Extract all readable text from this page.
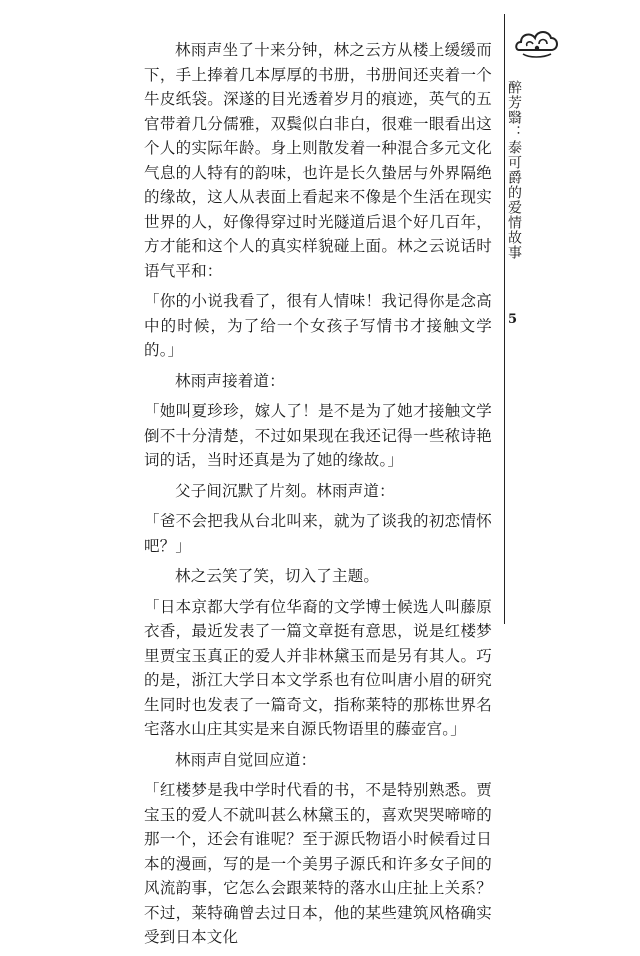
林雨声坐了十来分钟，林之云方从楼上缓缓而下，手上捧着几本厚厚的书册，书册间还夹着一个牛皮纸袋。深遂的目光透着岁月的痕迹，英气的五官带着几分儒雅，双鬓似白非白，很难一眼看出这个人的实际年龄。身上则散发着一种混合多元文化气息的人特有的韵味，也许是长久蛰居与外界隔绝的缘故，这人从表面上看起来不像是个生活在现实世界的人，好像得穿过时光隧道后退个好几百年，方才能和这个人的真实样貌碰上面。林之云说话时语气平和：

「你的小说我看了，很有人情味！我记得你是念高中的时候，为了给一个女孩子写情书才接触文学的。」

林雨声接着道：

「她叫夏珍珍，嫁人了！是不是为了她才接触文学倒不十分清楚，不过如果现在我还记得一些秾诗艳词的话，当时还真是为了她的缘故。」

父子间沉默了片刻。林雨声道：

「爸不会把我从台北叫来，就为了谈我的初恋情怀吧？」

林之云笑了笑，切入了主题。

「日本京都大学有位华裔的文学博士候选人叫藤原衣香，最近发表了一篇文章挺有意思，说是红楼梦里贾宝玉真正的爱人并非林黛玉而是另有其人。巧的是，浙江大学日本文学系也有位叫唐小眉的研究生同时也发表了一篇奇文，指称莱特的那栋世界名宅落水山庄其实是来自源氏物语里的藤壶宫。」

林雨声自觉回应道：

「红楼梦是我中学时代看的书，不是特别熟悉。贾宝玉的爱人不就叫甚么林黛玉的，喜欢哭哭啼啼的那一个，还会有谁呢？至于源氏物语小时候看过日本的漫画，写的是一个美男子源氏和许多女子间的风流韵事，它怎么会跟莱特的落水山庄扯上关系？不过，莱特确曾去过日本，他的某些建筑风格确实受到日本文化

醉芳翳：泰可爵的爱情故事
5
